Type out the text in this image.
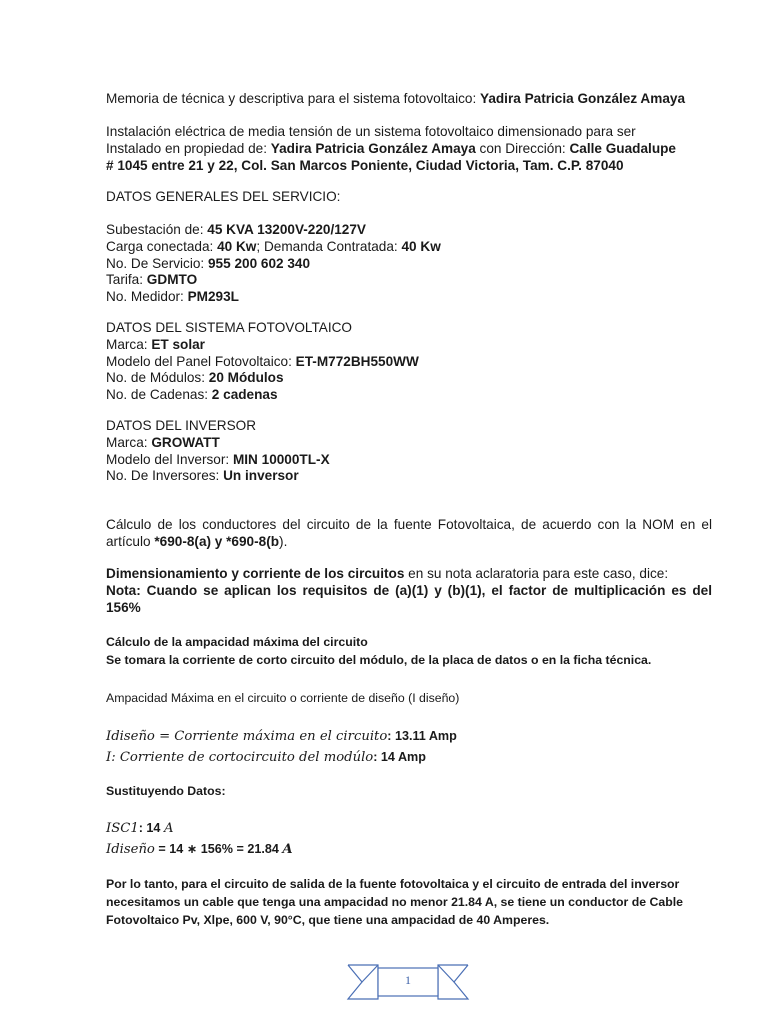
Memoria de técnica y descriptiva para el sistema fotovoltaico: Yadira Patricia González Amaya
Instalación eléctrica de media tensión de un sistema fotovoltaico dimensionado para ser
Instalado en propiedad de: Yadira Patricia González Amaya con Dirección: Calle Guadalupe
# 1045 entre 21 y 22, Col. San Marcos Poniente, Ciudad Victoria, Tam. C.P. 87040
DATOS GENERALES DEL SERVICIO:
Subestación de: 45 KVA 13200V-220/127V
Carga conectada: 40 Kw; Demanda Contratada: 40 Kw
No. De Servicio: 955 200 602 340
Tarifa: GDMTO
No. Medidor: PM293L
DATOS DEL SISTEMA FOTOVOLTAICO
Marca: ET solar
Modelo del Panel Fotovoltaico: ET-M772BH550WW
No. de Módulos: 20 Módulos
No. de Cadenas: 2 cadenas
DATOS DEL INVERSOR
Marca: GROWATT
Modelo del Inversor: MIN 10000TL-X
No. De Inversores: Un inversor
Cálculo de los conductores del circuito de la fuente Fotovoltaica, de acuerdo con la NOM en el
artículo *690-8(a) y *690-8(b).
Dimensionamiento y corriente de los circuitos en su nota aclaratoria para este caso, dice:
Nota: Cuando se aplican los requisitos de (a)(1) y (b)(1), el factor de multiplicación es del
156%
Cálculo de la ampacidad máxima del circuito
Se tomara la corriente de corto circuito del módulo, de la placa de datos o en la ficha técnica.
Ampacidad Máxima en el circuito o corriente de diseño (I diseño)
Idiseño = Corriente máxima en el circuito: 13.11 Amp
I: Corriente de cortocircuito del modúlo: 14 Amp
Sustituyendo Datos:
ISC1: 14 A
Idiseño = 14 ∗ 156% = 21.84 A
Por lo tanto, para el circuito de salida de la fuente fotovoltaica y el circuito de entrada del inversor
necesitamos un cable que tenga una ampacidad no menor 21.84 A, se tiene un conductor de Cable
Fotovoltaico Pv, Xlpe, 600 V, 90°C, que tiene una ampacidad de 40 Amperes.
1
